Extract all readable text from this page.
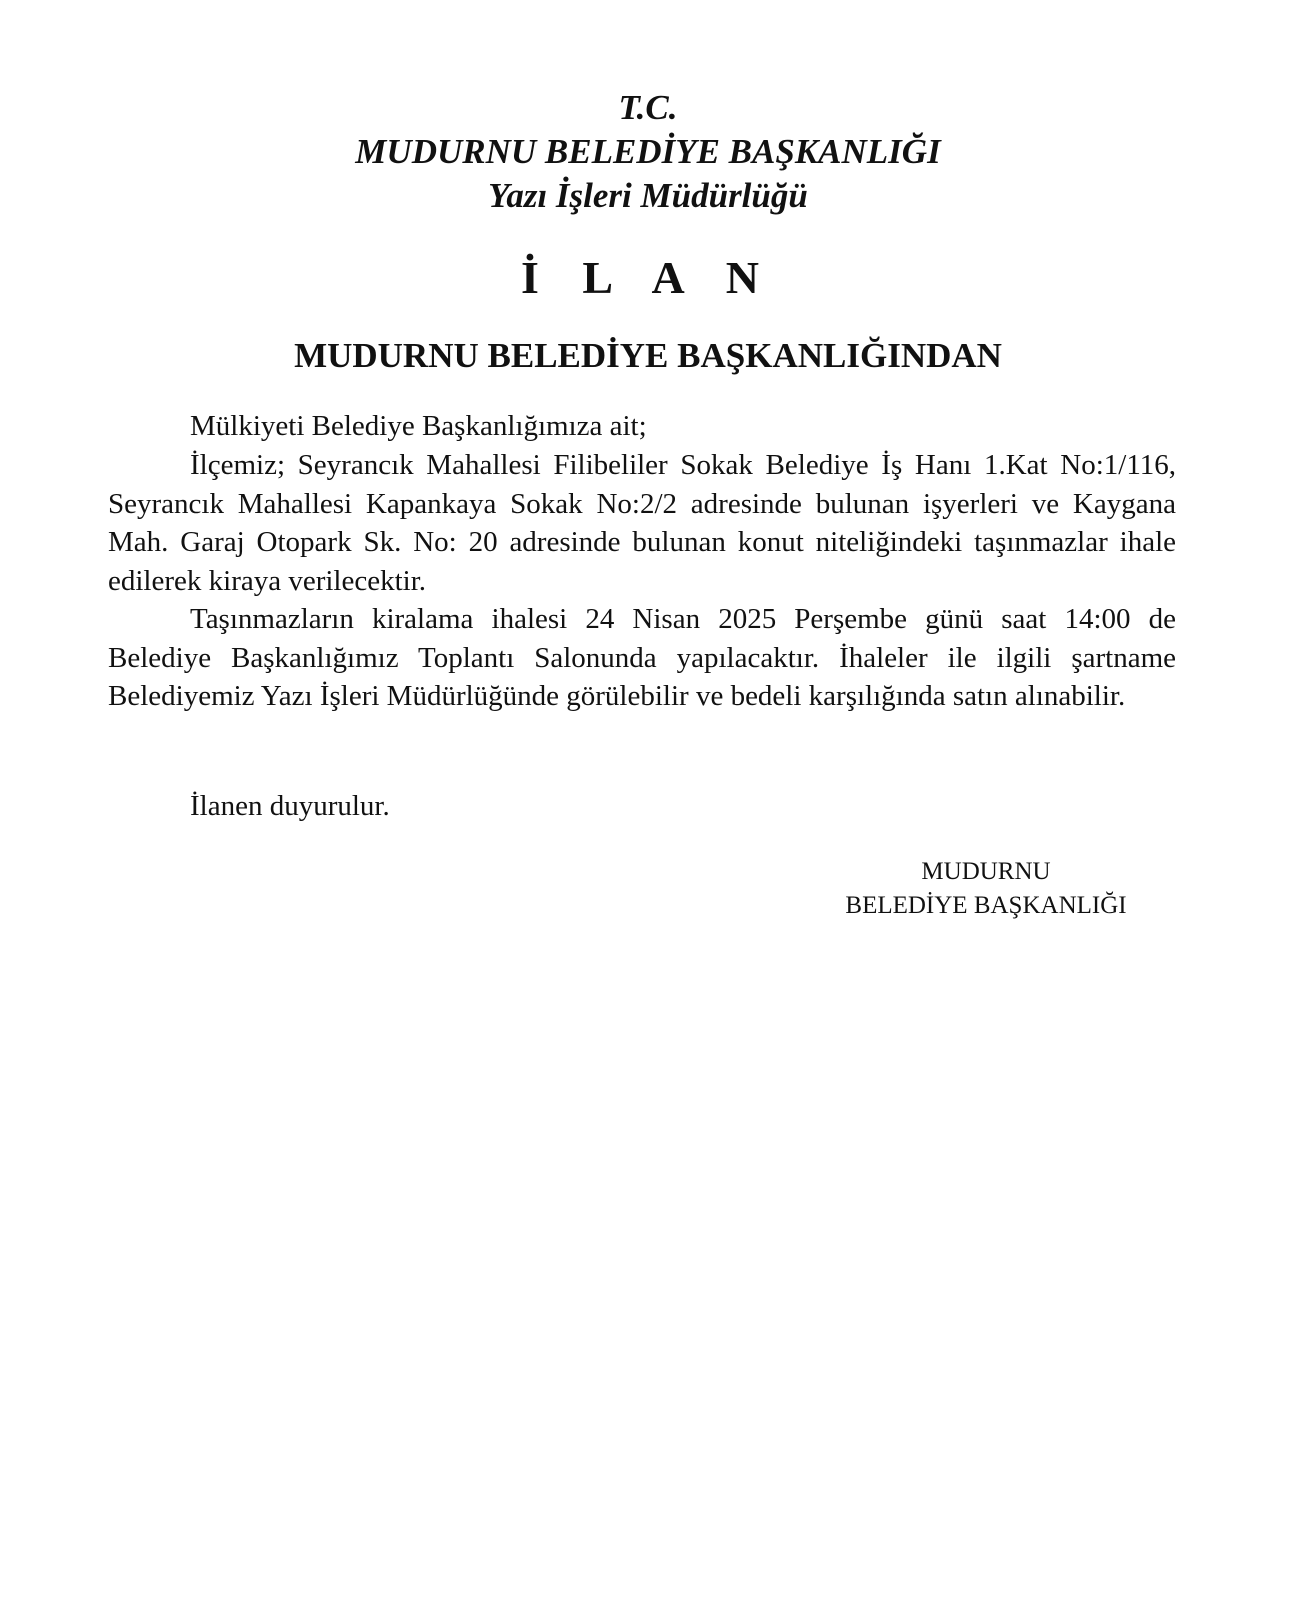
T.C.
MUDURNU BELEDİYE BAŞKANLIĞI
Yazı İşleri Müdürlüğü
İ L A N
MUDURNU BELEDİYE BAŞKANLIĞINDAN

Mülkiyeti Belediye Başkanlığımıza ait;

İlçemiz; Seyrancık Mahallesi Filibeliler Sokak Belediye İş Hanı 1.Kat No:1/116, Seyrancık Mahallesi Kapankaya Sokak No:2/2 adresinde bulunan işyerleri ve Kaygana Mah. Garaj Otopark Sk. No: 20 adresinde bulunan konut niteliğindeki taşınmazlar ihale edilerek kiraya verilecektir.

Taşınmazların kiralama ihalesi 24 Nisan 2025 Perşembe günü saat 14:00 de Belediye Başkanlığımız Toplantı Salonunda yapılacaktır. İhaleler ile ilgili şartname Belediyemiz Yazı İşleri Müdürlüğünde görülebilir ve bedeli karşılığında satın alınabilir.

İlanen duyurulur.
MUDURNU
BELEDİYE BAŞKANLIĞI
